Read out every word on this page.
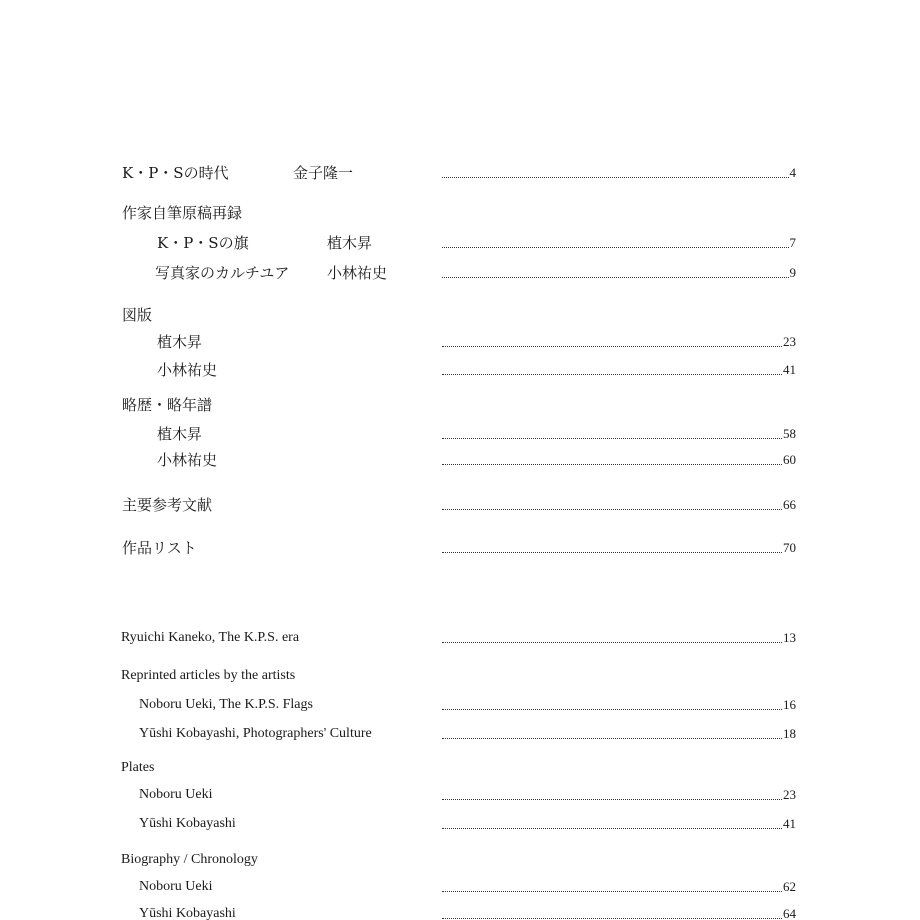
K・P・Sの時代	金子隆一	4
作家自筆原稿再録
K・P・Sの旗	植木昇	7
写真家のカルチユア	小林祐史	9
図版
植木昇	23
小林祐史	41
略歴・略年譜
植木昇	58
小林祐史	60
主要参考文献	66
作品リスト	70
Ryuichi Kaneko, The K.P.S. era	13
Reprinted articles by the artists
Noboru Ueki, The K.P.S. Flags	16
Yūshi Kobayashi, Photographers' Culture	18
Plates
Noboru Ueki	23
Yūshi Kobayashi	41
Biography / Chronology
Noboru Ueki	62
Yūshi Kobayashi	64
